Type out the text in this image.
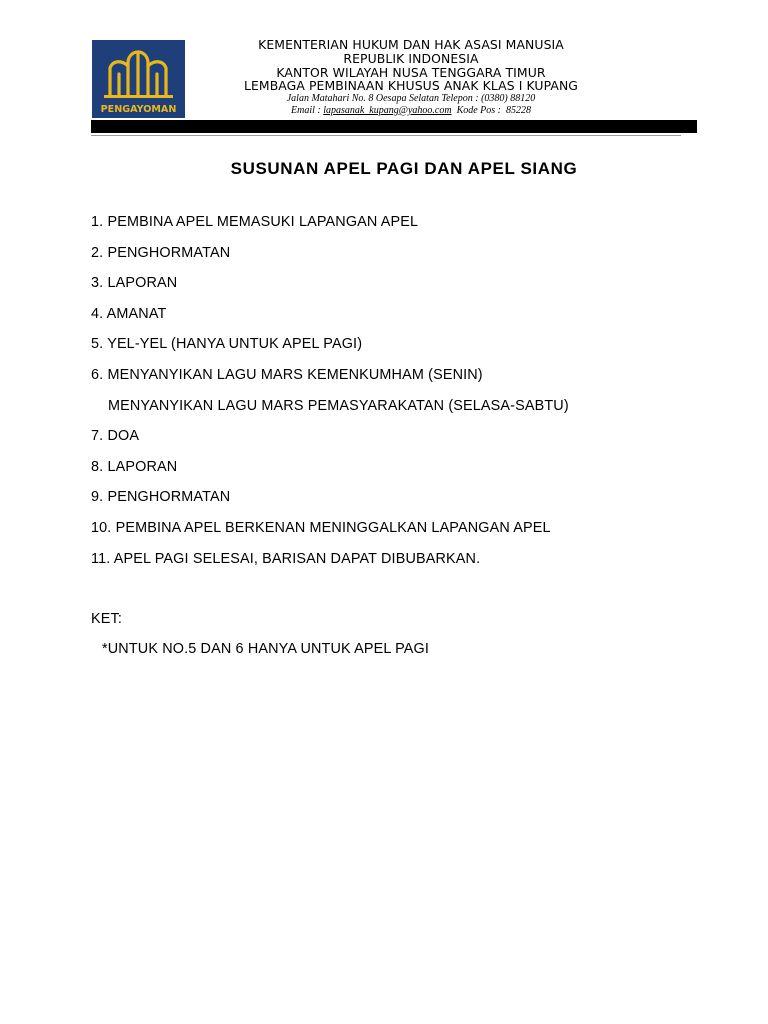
PENGAYOMAN
KEMENTERIAN HUKUM DAN HAK ASASI MANUSIA
REPUBLIK INDONESIA
KANTOR WILAYAH NUSA TENGGARA TIMUR
LEMBAGA PEMBINAAN KHUSUS ANAK KLAS I KUPANG
Jalan Matahari No. 8 Oesapa Selatan Telepon : (0380) 88120
Email : lapasanak_kupang@yahoo.com  Kode Pos :  85228
SUSUNAN APEL PAGI DAN APEL SIANG
1. PEMBINA APEL MEMASUKI LAPANGAN APEL
2. PENGHORMATAN
3. LAPORAN
4. AMANAT
5. YEL-YEL (HANYA UNTUK APEL PAGI)
6. MENYANYIKAN LAGU MARS KEMENKUMHAM (SENIN)
MENYANYIKAN LAGU MARS PEMASYARAKATAN (SELASA-SABTU)
7. DOA
8. LAPORAN
9. PENGHORMATAN
10. PEMBINA APEL BERKENAN MENINGGALKAN LAPANGAN APEL
11. APEL PAGI SELESAI, BARISAN DAPAT DIBUBARKAN.
KET:
*UNTUK NO.5 DAN 6 HANYA UNTUK APEL PAGI
